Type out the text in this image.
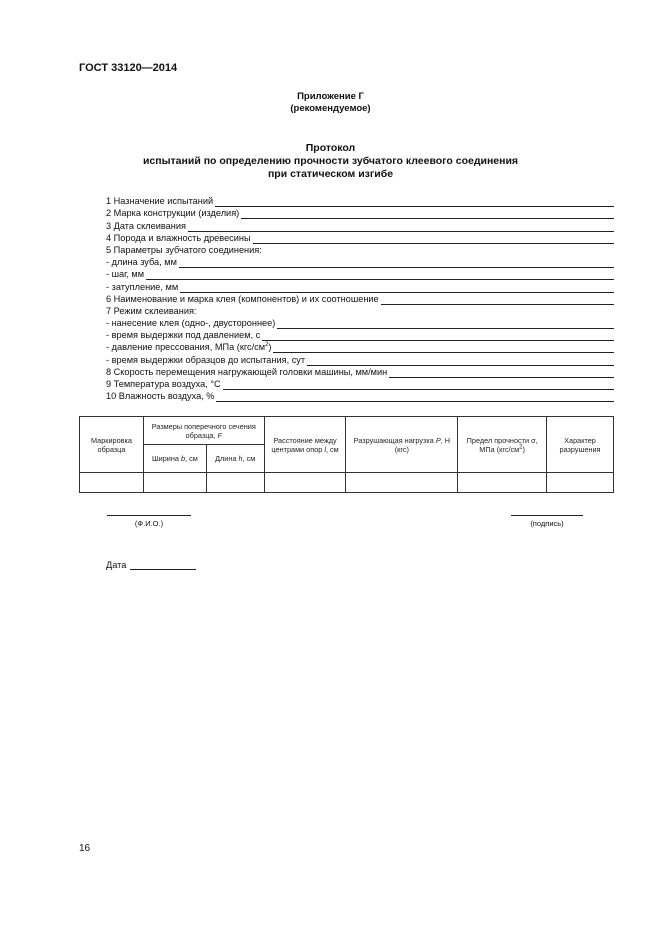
ГОСТ 33120—2014
Приложение Г
(рекомендуемое)
Протокол
испытаний по определению прочности зубчатого клеевого соединения
при статическом изгибе
1 Назначение испытаний
2 Марка конструкции (изделия)
3 Дата склеивания
4 Порода и влажность древесины
5 Параметры зубчатого соединения:
- длина зуба, мм
- шаг, мм
- затупление, мм
6 Наименование и марка клея (компонентов) и их соотношение
7 Режим склеивания:
- нанесение клея (одно-, двустороннее)
- время выдержки под давлением, с
- давление прессования, МПа $(кгс/см^2)$
- время выдержки образцов до испытания, сут
8 Скорость перемещения нагружающей головки машины, мм/мин
9 Температура воздуха, °С
10 Влажность воздуха, %
Маркировка образца	Размеры поперечного сечения образца, F		Расстояние между центрами опор l, см	Разрушающая нагрузка P, Н (кгс)	Предел прочности σ, МПа $(кгс/см^2)$	Характер разрушения
	Ширина b, см	Длина h, см				

(Ф.И.О.)	(подпись)
Дата
16
